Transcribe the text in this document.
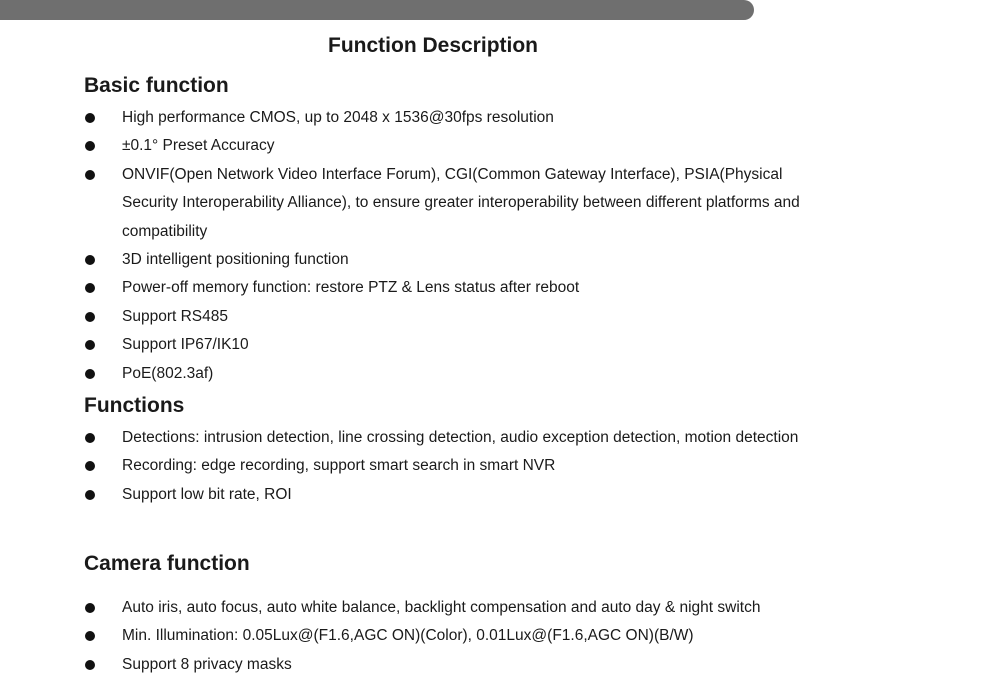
Function Description
Basic function
High performance CMOS, up to 2048 x 1536@30fps resolution
±0.1° Preset Accuracy
ONVIF(Open Network Video Interface Forum), CGI(Common Gateway Interface), PSIA(Physical Security Interoperability Alliance), to ensure greater interoperability between different platforms and compatibility
3D intelligent positioning function
Power-off memory function: restore PTZ & Lens status after reboot
Support RS485
Support IP67/IK10
PoE(802.3af)
Functions
Detections: intrusion detection, line crossing detection, audio exception detection, motion detection
Recording: edge recording, support smart search in smart NVR
Support low bit rate, ROI
Camera function
Auto iris, auto focus, auto white balance, backlight compensation and auto day & night switch
Min. Illumination: 0.05Lux@(F1.6,AGC ON)(Color), 0.01Lux@(F1.6,AGC ON)(B/W)
Support 8 privacy masks
